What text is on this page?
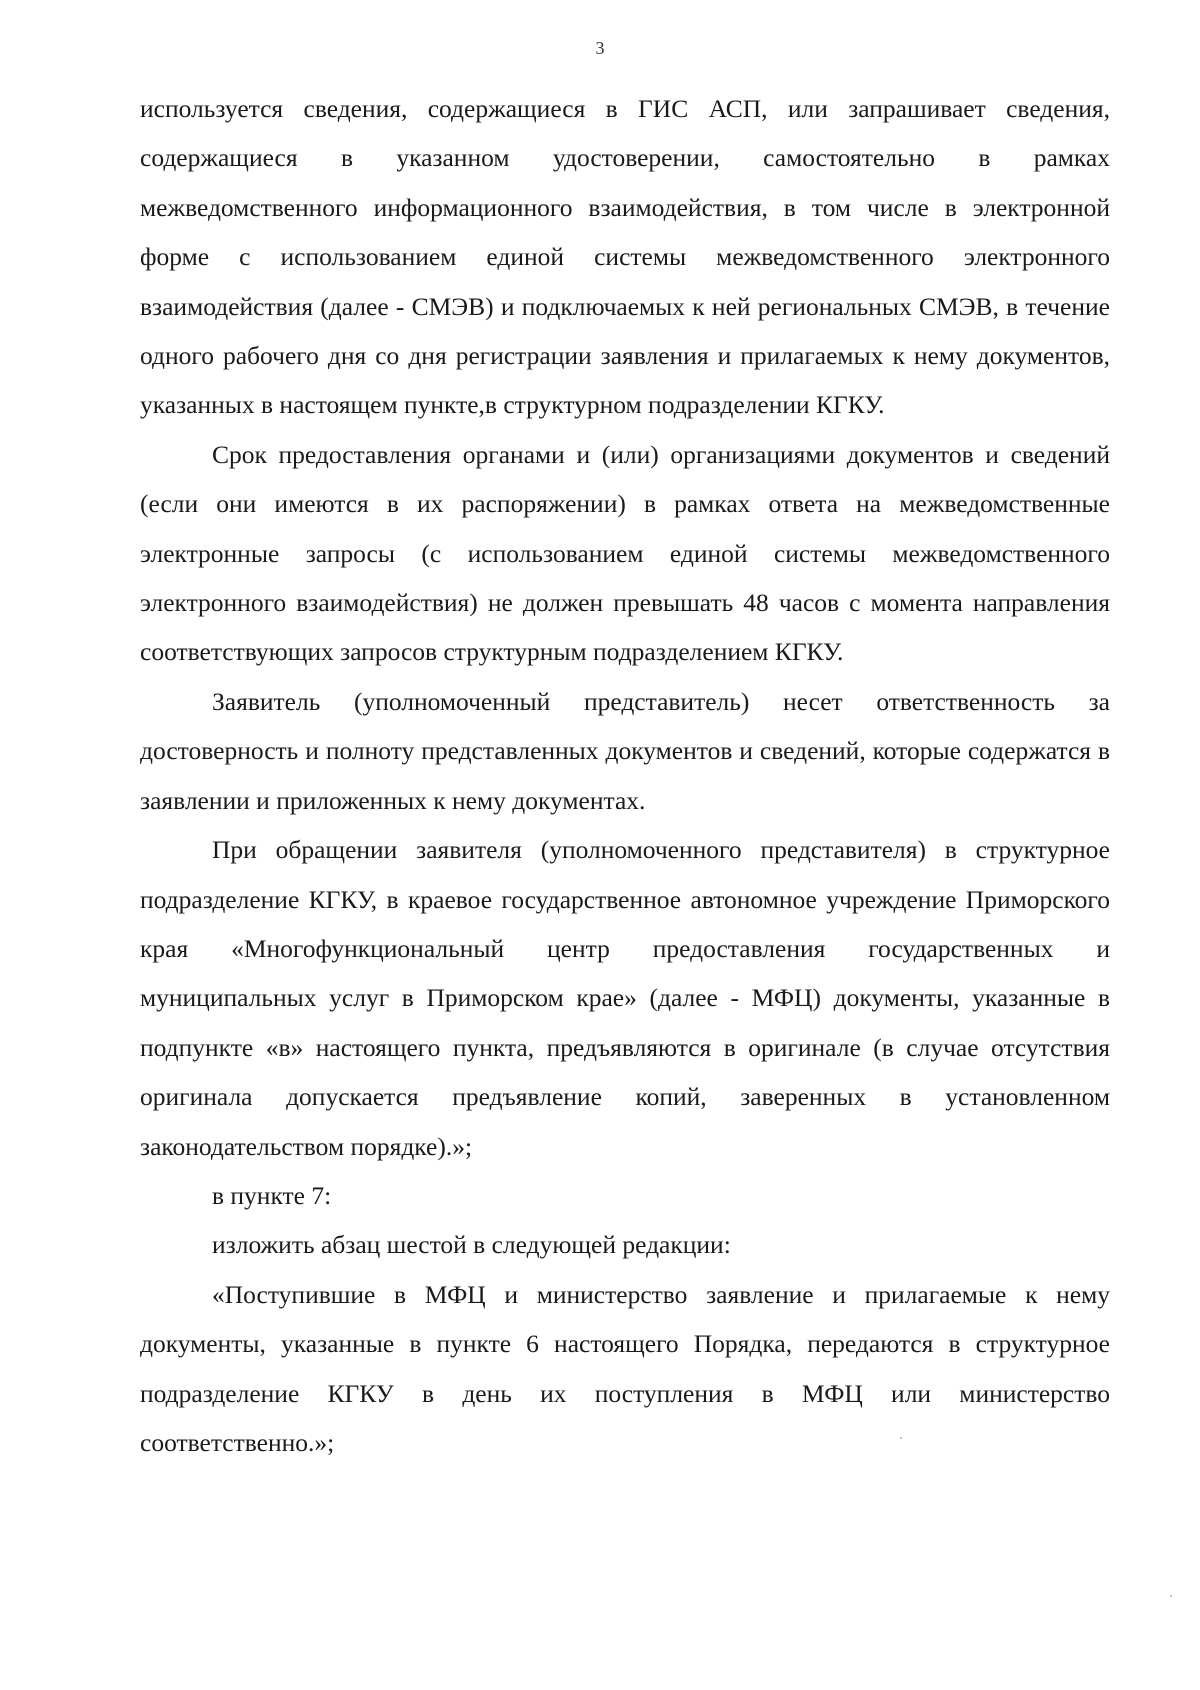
3

используется сведения, содержащиеся в ГИС АСП, или запрашивает сведения, содержащиеся в указанном удостоверении, самостоятельно в рамках межведомственного информационного взаимодействия, в том числе в электронной форме с использованием единой системы межведомственного электронного взаимодействия (далее - СМЭВ) и подключаемых к ней региональных СМЭВ, в течение одного рабочего дня со дня регистрации заявления и прилагаемых к нему документов, указанных в настоящем пункте,в структурном подразделении КГКУ.

Срок предоставления органами и (или) организациями документов и сведений (если они имеются в их распоряжении) в рамках ответа на межведомственные электронные запросы (с использованием единой системы межведомственного электронного взаимодействия) не должен превышать 48 часов с момента направления соответствующих запросов структурным подразделением КГКУ.

Заявитель (уполномоченный представитель) несет ответственность за достоверность и полноту представленных документов и сведений, которые содержатся в заявлении и приложенных к нему документах.

При обращении заявителя (уполномоченного представителя) в структурное подразделение КГКУ, в краевое государственное автономное учреждение Приморского края «Многофункциональный центр предоставления государственных и муниципальных услуг в Приморском крае» (далее - МФЦ) документы, указанные в подпункте «в» настоящего пункта, предъявляются в оригинале (в случае отсутствия оригинала допускается предъявление копий, заверенных в установленном законодательством порядке).»;

в пункте 7:

изложить абзац шестой в следующей редакции:

«Поступившие в МФЦ и министерство заявление и прилагаемые к нему документы, указанные в пункте 6 настоящего Порядка, передаются в структурное подразделение КГКУ в день их поступления в МФЦ или министерство соответственно.»;
